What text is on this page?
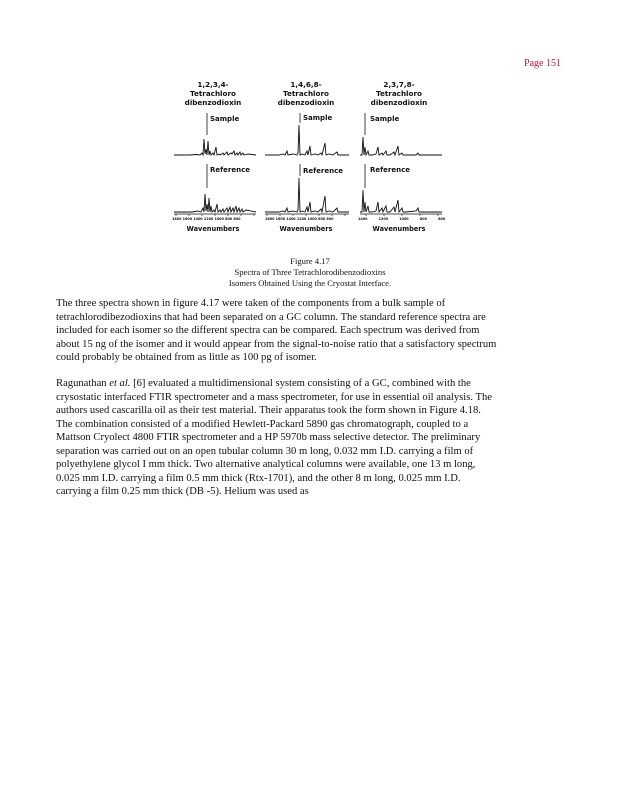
Page 151
1,2,3,4-
Tetrachloro
dibenzodioxin
Sample
Reference
1800 1600 1400 1200 1000 800 600
Wavenumbers
1,4,6,8-
Tetrachloro
dibenzodioxin
Sample
Reference
1800 1600 1400 1200 1000 800 600
Wavenumbers
2,3,7,8-
Tetrachloro
dibenzodioxin
Sample
Reference
1400 1200 1000 800 600
Wavenumbers
Figure 4.17
Spectra of Three Tetrachlorodibenzodioxins
Isomers Obtained Using the Cryostat Interface.

The three spectra shown in figure 4.17 were taken of the components from a bulk sample of
tetrachlorodibezodioxins that had been separated on a GC column. The standard reference spectra are
included for each isomer so the different spectra can be compared. Each spectrum was derived from
about 15 ng of the isomer and it would appear from the signal-to-noise ratio that a satisfactory spectrum
could probably be obtained from as little as 100 pg of isomer.

Ragunathan et al. [6] evaluated a multidimensional system consisting of a GC, combined with the
crysostatic interfaced FTIR spectrometer and a mass spectrometer, for use in essential oil analysis. The
authors used cascarilla oil as their test material. Their apparatus took the form shown in Figure 4.18.
The combination consisted of a modified Hewlett-Packard 5890 gas chromatograph, coupled to a
Mattson Cryolect 4800 FTIR spectrometer and a HP 5970b mass selective detector. The preliminary
separation was carried out on an open tubular column 30 m long, 0.032 mm I.D. carrying a film of
polyethylene glycol I mm thick. Two alternative analytical columns were available, one 13 m long,
0.025 mm I.D. carrying a film 0.5 mm thick (Rtx-1701), and the other 8 m long, 0.025 mm I.D.
carrying a film 0.25 mm thick (DB -5). Helium was used as
